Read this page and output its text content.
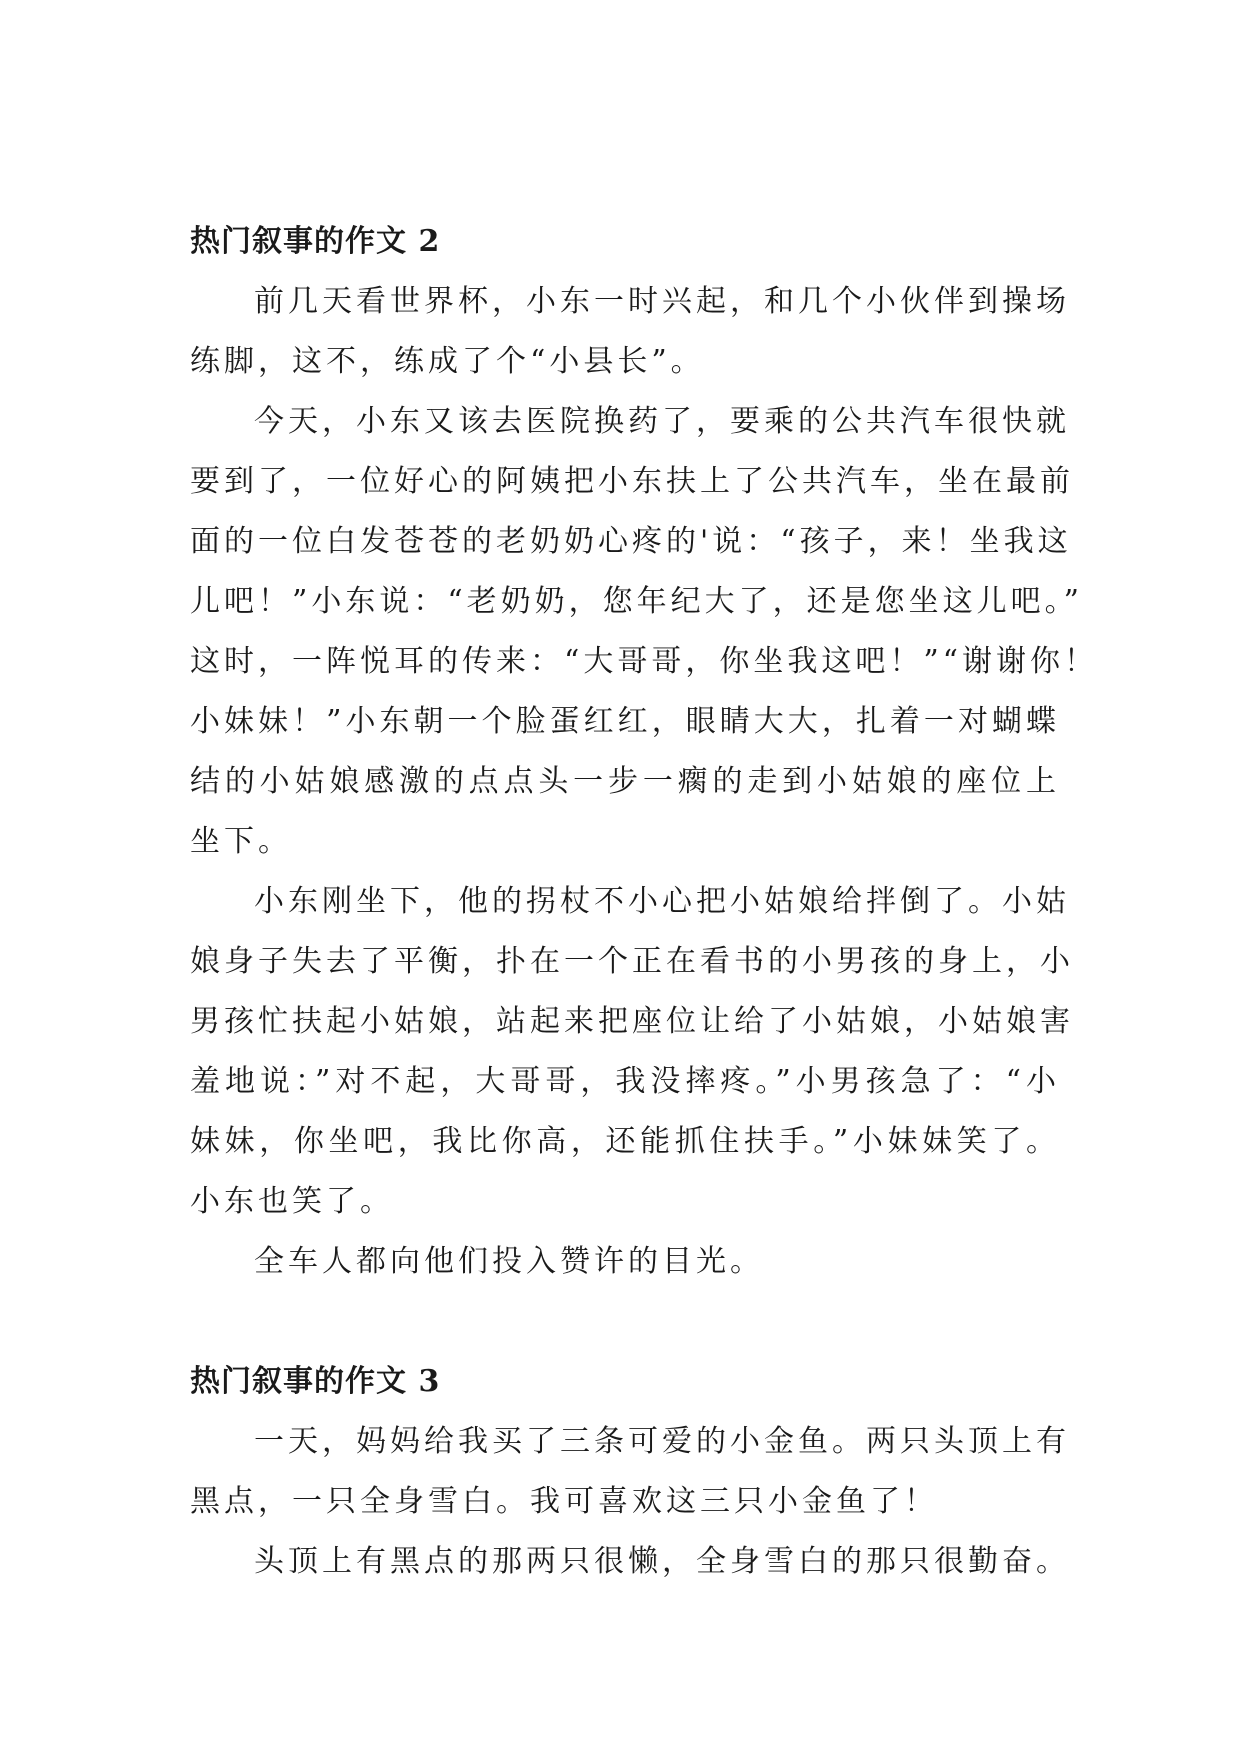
热门叙事的作文 2

前几天看世界杯，小东一时兴起，和几个小伙伴到操场
练脚，这不，练成了个“小县长”。

今天，小东又该去医院换药了，要乘的公共汽车很快就
要到了，一位好心的阿姨把小东扶上了公共汽车，坐在最前
面的一位白发苍苍的老奶奶心疼的'说：“孩子，来！坐我这
儿吧！”小东说：“老奶奶，您年纪大了，还是您坐这儿吧。”
这时，一阵悦耳的传来：“大哥哥，你坐我这吧！”“谢谢你！
小妹妹！”小东朝一个脸蛋红红，眼睛大大，扎着一对蝴蝶
结的小姑娘感激的点点头一步一瘸的走到小姑娘的座位上
坐下。

小东刚坐下，他的拐杖不小心把小姑娘给拌倒了。小姑
娘身子失去了平衡，扑在一个正在看书的小男孩的身上，小
男孩忙扶起小姑娘，站起来把座位让给了小姑娘，小姑娘害
羞地说：”对不起，大哥哥，我没摔疼。”小男孩急了：“小
妹妹，你坐吧，我比你高，还能抓住扶手。”小妹妹笑了。
小东也笑了。

全车人都向他们投入赞许的目光。

热门叙事的作文 3

一天，妈妈给我买了三条可爱的小金鱼。两只头顶上有
黑点，一只全身雪白。我可喜欢这三只小金鱼了！

头顶上有黑点的那两只很懒，全身雪白的那只很勤奋。
